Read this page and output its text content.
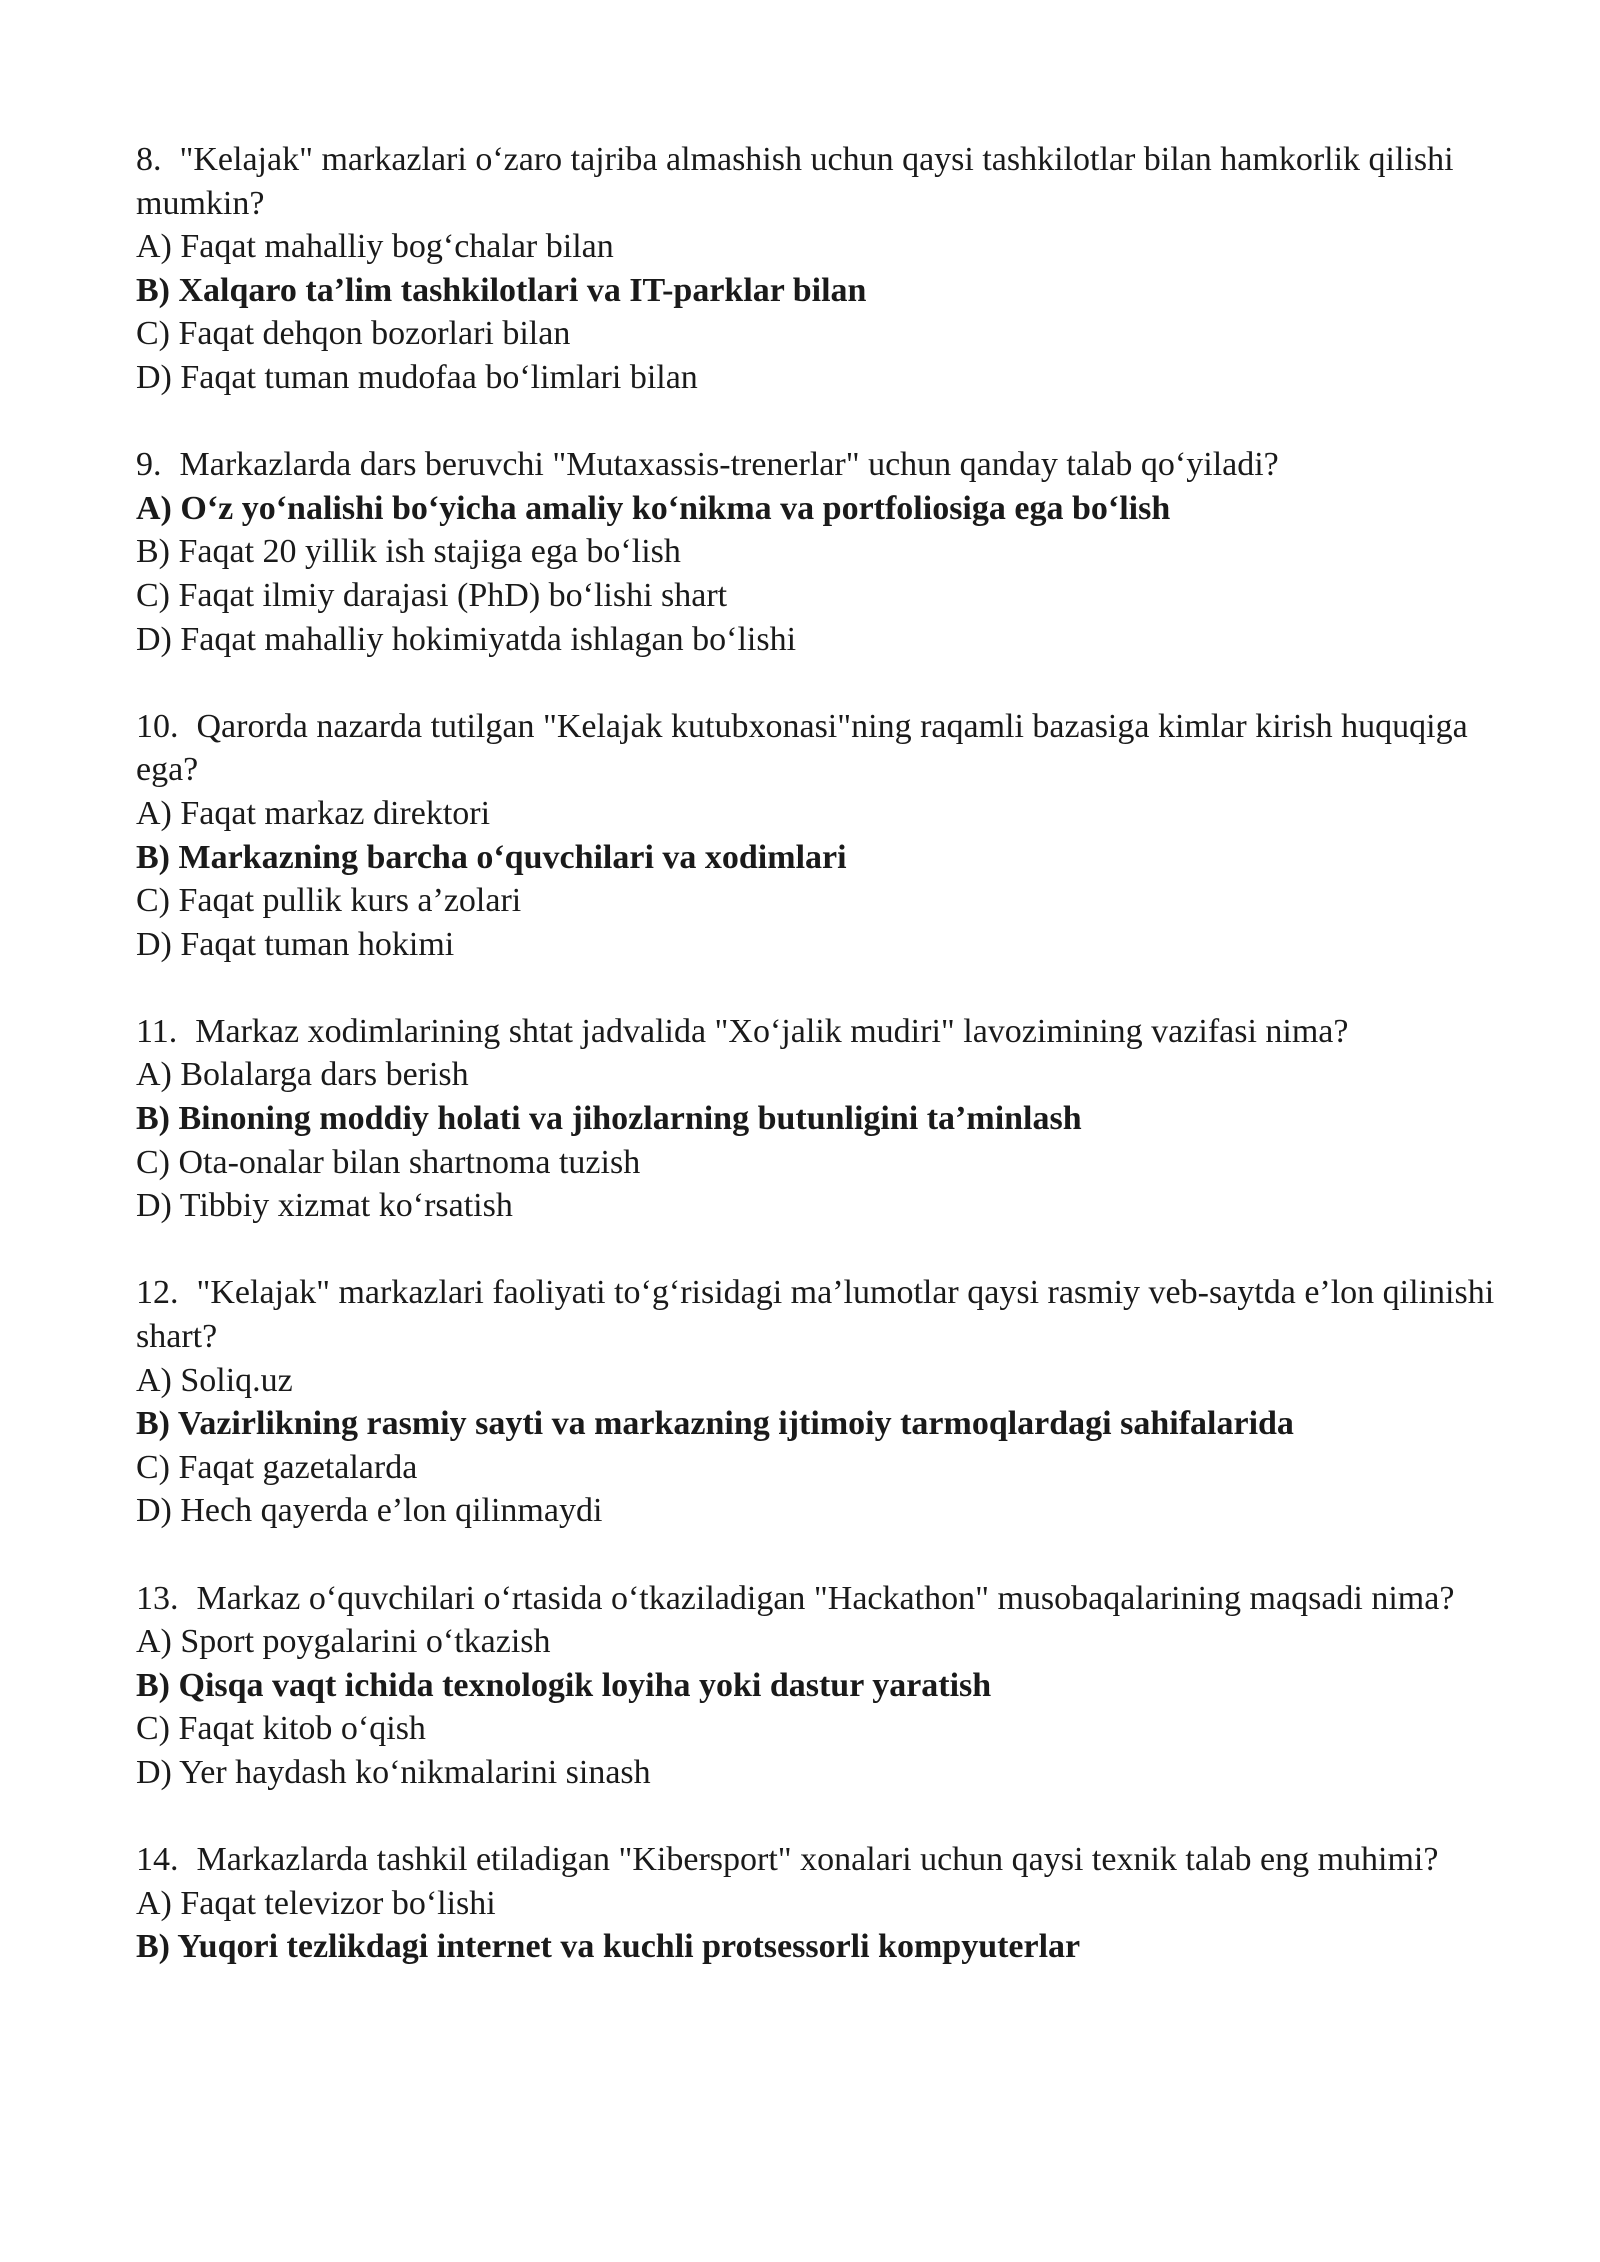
8. "Kelajak" markazlari o‘zaro tajriba almashish uchun qaysi tashkilotlar bilan hamkorlik qilishi mumkin?

A) Faqat mahalliy bog‘chalar bilan

B) Xalqaro ta’lim tashkilotlari va IT-parklar bilan

C) Faqat dehqon bozorlari bilan

D) Faqat tuman mudofaa bo‘limlari bilan

9. Markazlarda dars beruvchi "Mutaxassis-trenerlar" uchun qanday talab qo‘yiladi?

A) O‘z yo‘nalishi bo‘yicha amaliy ko‘nikma va portfoliosiga ega bo‘lish

B) Faqat 20 yillik ish stajiga ega bo‘lish

C) Faqat ilmiy darajasi (PhD) bo‘lishi shart

D) Faqat mahalliy hokimiyatda ishlagan bo‘lishi

10. Qarorda nazarda tutilgan "Kelajak kutubxonasi"ning raqamli bazasiga kimlar kirish huquqiga ega?

A) Faqat markaz direktori

B) Markazning barcha o‘quvchilari va xodimlari

C) Faqat pullik kurs a’zolari

D) Faqat tuman hokimi

11. Markaz xodimlarining shtat jadvalida "Xo‘jalik mudiri" lavozimining vazifasi nima?

A) Bolalarga dars berish

B) Binoning moddiy holati va jihozlarning butunligini ta’minlash

C) Ota-onalar bilan shartnoma tuzish

D) Tibbiy xizmat ko‘rsatish

12. "Kelajak" markazlari faoliyati to‘g‘risidagi ma’lumotlar qaysi rasmiy veb-saytda e’lon qilinishi shart?

A) Soliq.uz

B) Vazirlikning rasmiy sayti va markazning ijtimoiy tarmoqlardagi sahifalarida

C) Faqat gazetalarda

D) Hech qayerda e’lon qilinmaydi

13. Markaz o‘quvchilari o‘rtasida o‘tkaziladigan "Hackathon" musobaqalarining maqsadi nima?

A) Sport poygalarini o‘tkazish

B) Qisqa vaqt ichida texnologik loyiha yoki dastur yaratish

C) Faqat kitob o‘qish

D) Yer haydash ko‘nikmalarini sinash

14. Markazlarda tashkil etiladigan "Kibersport" xonalari uchun qaysi texnik talab eng muhimi?

A) Faqat televizor bo‘lishi

B) Yuqori tezlikdagi internet va kuchli protsessorli kompyuterlar
